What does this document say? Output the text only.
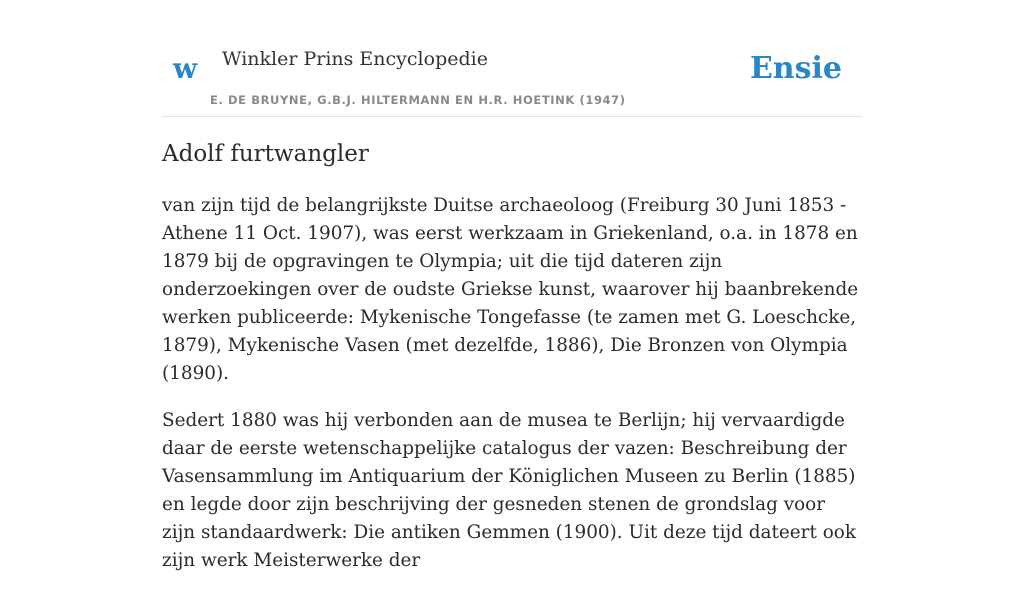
w Winkler Prins Encyclopedie
E. DE BRUYNE, G.B.J. HILTERMANN EN H.R. HOETINK (1947)
Ensie
Adolf furtwangler

van zijn tijd de belangrijkste Duitse archaeoloog (Freiburg 30 Juni 1853 - Athene 11 Oct. 1907), was eerst werkzaam in Griekenland, o.a. in 1878 en 1879 bij de opgravingen te Olympia; uit die tijd dateren zijn onderzoekingen over de oudste Griekse kunst, waarover hij baanbrekende werken publiceerde: Mykenische Tongefasse (te zamen met G. Loeschcke, 1879), Mykenische Vasen (met dezelfde, 1886), Die Bronzen von Olympia (1890).

Sedert 1880 was hij verbonden aan de musea te Berlijn; hij vervaardigde daar de eerste wetenschappelijke catalogus der vazen: Beschreibung der Vasensammlung im Antiquarium der Königlichen Museen zu Berlin (1885) en legde door zijn beschrijving der gesneden stenen de grondslag voor zijn standaardwerk: Die antiken Gemmen (1900). Uit deze tijd dateert ook zijn werk Meisterwerke der
